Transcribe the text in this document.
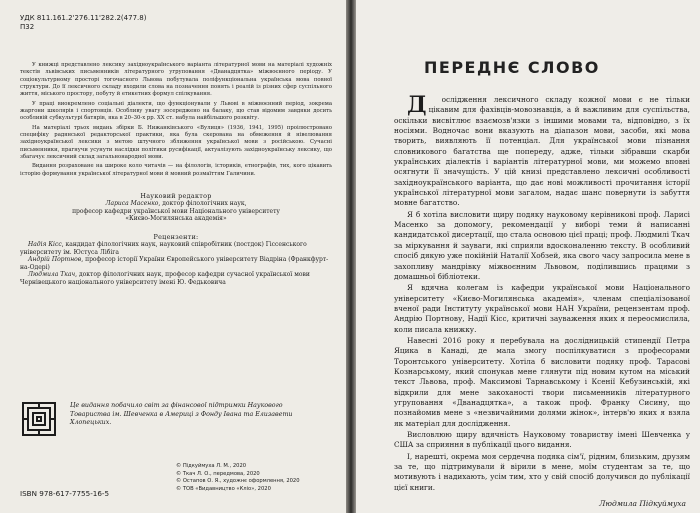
УДК 811.161.2'276.11'282.2(477.8)
П32

У книжці представлено лексику західноукраїнського варіанта літературної мови на матеріалі художніх текстів львівських письменників літературного угруповання «Дванадцятка» міжвоєнного періоду. У соціокультурному просторі тогочасного Львова побутувала поліфункціональна українська мова повної структури. До її лексичного складу входили слова на позначення понять і реалій із різних сфер суспільного життя, міського простору, побуту й етикетних формул спілкування.

У праці виокремлено соціальні діалекти, що функціонували у Львові в міжвоєнний період, зокрема жаргони школярів і спортовців. Особливу увагу зосереджено на балаку, що став відомим завдяки досить особливій субкультурі батярів, яка в 20–30-х рр. ХХ ст. набула найбільшого розквіту.

На матеріалі трьох видань збірки Б. Нижанківського «Вулиця» (1936, 1941, 1995) проілюстровано специфіку радянської редакторської практики, яка була скерована на обмеження й нівелювання західноукраїнської лексики з метою штучного зближення української мови з російською. Сучасні письменники, прагнучи усунути наслідки політики русифікації, актуалізують західноукраїнську лексику, що збагачує лексичний склад загальнонародної мови.

Видання розраховане на широке коло читачів — на філологів, істориків, етнографів, тих, кого цікавить історію формування української літературної мови й мовний розмаїттям Галичини.

Науковий редактор
Лариса Масенко, доктор філологічних наук,
професор кафедри української мови Національного університету
«Києво-Могилянська академія»
Рецензенти:
Надія Кісс, кандидат філологічних наук, науковий співробітник (постдок) Гіссенського університету ім. Юстуса Лібіга
Андрій Портнов, професор історії України Європейського університету Віадріна (Франкфурт-на-Одері)
Людмила Ткач, доктор філологічних наук, професор кафедри сучасної української мови Чернівецького національного університету імені Ю. Федьковича
Це видання побачило світ за фінансової підтримки Наукового Товариства ім. Шевченка в Америці з Фонду Івана та Елизавети Хлопецьких.
ISBN 978-617-7755-16-5
© Підкуймуха Л. М., 2020
© Ткач Л. О., передмова, 2020
© Остапов О. Я., художнє оформлення, 2020
© ТОВ «Видавництво «Кліо», 2020
ПЕРЕДНЄ СЛОВО

Дослідження лексичного складу кожної мови є не тільки цікавим для фахівців-мовознавців, а й важливим для суспільства, оскільки висвітлює взаємозв'язки з іншими мовами та, відповідно, з їх носіями. Водночас вони вказують на діапазон мови, засоби, які мова творить, виявляють її потенціал. Для української мови пізнання словникового багатства ще попереду, адже, тільки зібравши скарби українських діалектів і варіантів літературної мови, ми можемо вповні осягнути її значущість. У цій книзі представлено лексичні особливості західноукраїнського варіанта, що дає нові можливості прочитання історії української літературної мови загалом, надає шанс повернути із забуття мовне багатство.

Я б хотіла висловити щиру подяку науковому керівникові проф. Ларисі Масенко за допомогу, рекомендації у виборі теми й написанні кандидатської дисертації, що стала основою цієї праці; проф. Людмилі Ткач за міркування й зауваги, які сприяли вдосконаленню тексту. В особливий спосіб дякую уже покійній Наталії Хобзей, яка свого часу запросила мене в захопливу мандрівку міжвоєнним Львовом, поділившись працями з домашньої бібліотеки.

Я вдячна колегам із кафедри української мови Національного університету «Києво-Могилянська академія», членам спеціалізованої вченої ради Інституту української мови НАН України, рецензентам проф. Андрію Портнову, Надії Кісс, критичні зауваження яких я переосмислила, коли писала книжку.

Навесні 2016 року я перебувала на дослідницькій стипендії Петра Яцика в Канаді, де мала змогу поспілкуватися з професорами Торонтського університету. Хотіла б висловити подяку проф. Тарасові Кознарському, який спонукав мене глянути під новим кутом на міський текст Львова, проф. Максимові Тарнавському і Ксенії Кебузинській, які відкрили для мене закоханості твори письменників літературного угруповання «Дванадцятка», а також проф. Франку Сисину, що познайомив мене з «незвичайними долями жінок», інтерв'ю яких я взяла як матеріал для дослідження.

Висловлюю щиру вдячність Науковому товариству імені Шевченка у США за сприяння в публікації цього видання.

І, нарешті, окрема моя сердечна подяка сім'ї, рідним, близьким, друзям за те, що підтримували й вірили в мене, моїм студентам за те, що мотивують і надихають, усім тим, хто у свій спосіб долучився до публікації цієї книги.

Людмила Підкуймуха
